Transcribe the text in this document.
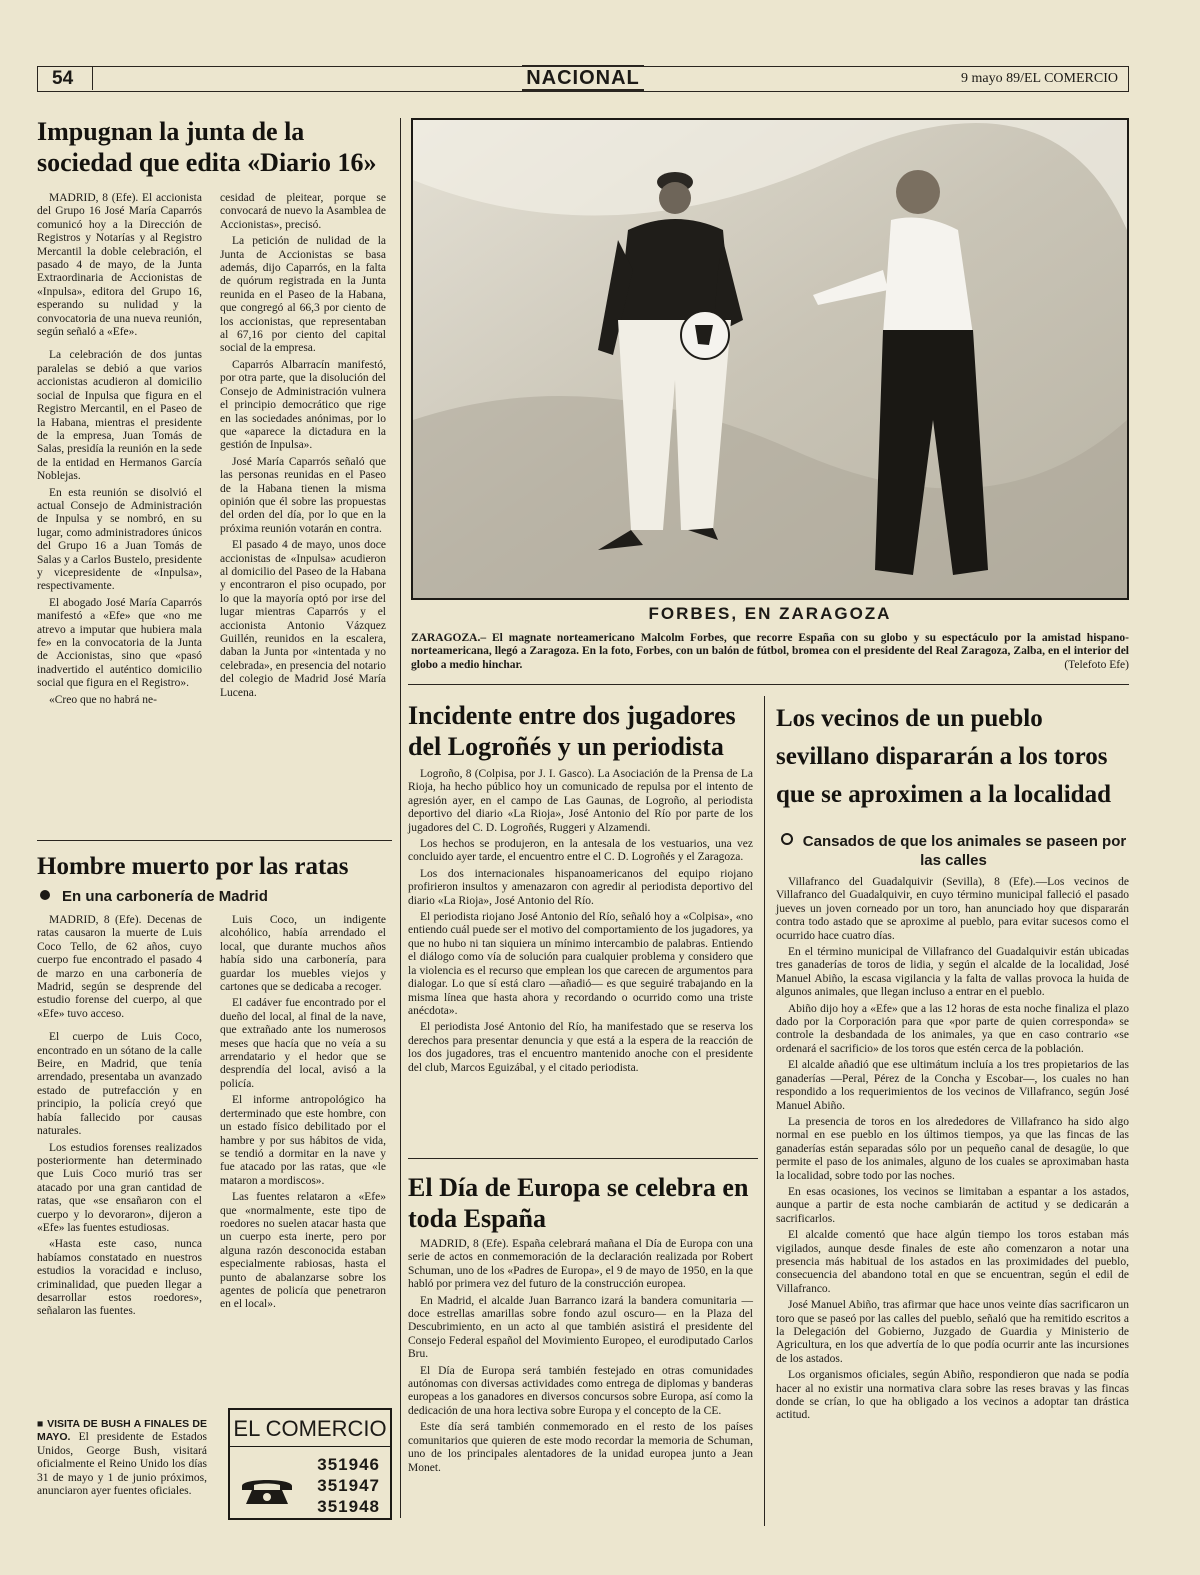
NACIONAL
54	9 mayo 89/EL COMERCIO
Impugnan la junta de la sociedad que edita «Diario 16»

MADRID, 8 (Efe). El accionista del Grupo 16 José María Caparrós comunicó hoy a la Dirección de Registros y Notarías y al Registro Mercantil la doble celebración, el pasado 4 de mayo, de la Junta Extraordinaria de Accionistas de «Inpulsa», editora del Grupo 16, esperando su nulidad y la convocatoria de una nueva reunión, según señaló a «Efe».

La celebración de dos juntas paralelas se debió a que varios accionistas acudieron al domicilio social de Inpulsa que figura en el Registro Mercantil, en el Paseo de la Habana, mientras el presidente de la empresa, Juan Tomás de Salas, presidía la reunión en la sede de la entidad en Hermanos García Noblejas.

En esta reunión se disolvió el actual Consejo de Administración de Inpulsa y se nombró, en su lugar, como administradores únicos del Grupo 16 a Juan Tomás de Salas y a Carlos Bustelo, presidente y vicepresidente de «Inpulsa», respectivamente.

El abogado José María Caparrós manifestó a «Efe» que «no me atrevo a imputar que hubiera mala fe» en la convocatoria de la Junta de Accionistas, sino que «pasó inadvertido el auténtico domicilio social que figura en el Registro».

«Creo que no habrá ne-

cesidad de pleitear, porque se convocará de nuevo la Asamblea de Accionistas», precisó.

La petición de nulidad de la Junta de Accionistas se basa además, dijo Caparrós, en la falta de quórum registrada en la Junta reunida en el Paseo de la Habana, que congregó al 66,3 por ciento de los accionistas, que representaban al 67,16 por ciento del capital social de la empresa.

Caparrós Albarracín manifestó, por otra parte, que la disolución del Consejo de Administración vulnera el principio democrático que rige en las sociedades anónimas, por lo que «aparece la dictadura en la gestión de Inpulsa».

José María Caparrós señaló que las personas reunidas en el Paseo de la Habana tienen la misma opinión que él sobre las propuestas del orden del día, por lo que en la próxima reunión votarán en contra.

El pasado 4 de mayo, unos doce accionistas de «Inpulsa» acudieron al domicilio del Paseo de la Habana y encontraron el piso ocupado, por lo que la mayoría optó por irse del lugar mientras Caparrós y el accionista Antonio Vázquez Guillén, reunidos en la escalera, daban la Junta por «intentada y no celebrada», en presencia del notario del colegio de Madrid José María Lucena.

Hombre muerto por las ratas
En una carbonería de Madrid

MADRID, 8 (Efe). Decenas de ratas causaron la muerte de Luis Coco Tello, de 62 años, cuyo cuerpo fue encontrado el pasado 4 de marzo en una carbonería de Madrid, según se desprende del estudio forense del cuerpo, al que «Efe» tuvo acceso.

El cuerpo de Luis Coco, encontrado en un sótano de la calle Beire, en Madrid, que tenía arrendado, presentaba un avanzado estado de putrefacción y en principio, la policía creyó que había fallecido por causas naturales.

Los estudios forenses realizados posteriormente han determinado que Luis Coco murió tras ser atacado por una gran cantidad de ratas, que «se ensañaron con el cuerpo y lo devoraron», dijeron a «Efe» las fuentes estudiosas.

«Hasta este caso, nunca habíamos constatado en nuestros estudios la voracidad e incluso, criminalidad, que pueden llegar a desarrollar estos roedores», señalaron las fuentes.

Luis Coco, un indigente alcohólico, había arrendado el local, que durante muchos años había sido una carbonería, para guardar los muebles viejos y cartones que se dedicaba a recoger.

El cadáver fue encontrado por el dueño del local, al final de la nave, que extrañado ante los numerosos meses que hacía que no veía a su arrendatario y el hedor que se desprendía del local, avisó a la policía.

El informe antropológico ha derterminado que este hombre, con un estado físico debilitado por el hambre y por sus hábitos de vida, se tendió a dormitar en la nave y fue atacado por las ratas, que «le mataron a mordiscos».

Las fuentes relataron a «Efe» que «normalmente, este tipo de roedores no suelen atacar hasta que un cuerpo esta inerte, pero por alguna razón desconocida estaban especialmente rabiosas, hasta el punto de abalanzarse sobre los agentes de policía que penetraron en el local».

■ VISITA DE BUSH A FINALES DE MAYO. El presidente de Estados Unidos, George Bush, visitará oficialmente el Reino Unido los días 31 de mayo y 1 de junio próximos, anunciaron ayer fuentes oficiales.
EL COMERCIO
351946
351947
351948
FORBES, EN ZARAGOZA
ZARAGOZA.– El magnate norteamericano Malcolm Forbes, que recorre España con su globo y su espectáculo por la amistad hispano-norteamericana, llegó a Zaragoza. En la foto, Forbes, con un balón de fútbol, bromea con el presidente del Real Zaragoza, Zalba, en el interior del globo a medio hinchar.	(Telefoto Efe)
Incidente entre dos jugadores del Logroñés y un periodista

Logroño, 8 (Colpisa, por J. I. Gasco). La Asociación de la Prensa de La Rioja, ha hecho público hoy un comunicado de repulsa por el intento de agresión ayer, en el campo de Las Gaunas, de Logroño, al periodista deportivo del diario «La Rioja», José Antonio del Río por parte de los jugadores del C. D. Logroñés, Ruggeri y Alzamendi.

Los hechos se produjeron, en la antesala de los vestuarios, una vez concluido ayer tarde, el encuentro entre el C. D. Logroñés y el Zaragoza.

Los dos internacionales hispanoamericanos del equipo riojano profirieron insultos y amenazaron con agredir al periodista deportivo del diario «La Rioja», José Antonio del Río.

El periodista riojano José Antonio del Río, señaló hoy a «Colpisa», «no entiendo cuál puede ser el motivo del comportamiento de los jugadores, ya que no hubo ni tan siquiera un mínimo intercambio de palabras. Entiendo el diálogo como vía de solución para cualquier problema y considero que la violencia es el recurso que emplean los que carecen de argumentos para dialogar. Lo que sí está claro —añadió— es que seguiré trabajando en la misma línea que hasta ahora y recordando o ocurrido como una triste anécdota».

El periodista José Antonio del Río, ha manifestado que se reserva los derechos para presentar denuncia y que está a la espera de la reacción de los dos jugadores, tras el encuentro mantenido anoche con el presidente del club, Marcos Eguizábal, y el citado periodista.

El Día de Europa se celebra en toda España

MADRID, 8 (Efe). España celebrará mañana el Día de Europa con una serie de actos en conmemoración de la declaración realizada por Robert Schuman, uno de los «Padres de Europa», el 9 de mayo de 1950, en la que habló por primera vez del futuro de la construcción europea.

En Madrid, el alcalde Juan Barranco izará la bandera comunitaria —doce estrellas amarillas sobre fondo azul oscuro— en la Plaza del Descubrimiento, en un acto al que también asistirá el presidente del Consejo Federal español del Movimiento Europeo, el eurodiputado Carlos Bru.

El Día de Europa será también festejado en otras comunidades autónomas con diversas actividades como entrega de diplomas y banderas europeas a los ganadores en diversos concursos sobre Europa, así como la dedicación de una hora lectiva sobre Europa y el concepto de la CE.

Este día será también conmemorado en el resto de los países comunitarios que quieren de este modo recordar la memoria de Schuman, uno de los principales alentadores de la unidad europea junto a Jean Monet.

Los vecinos de un pueblo sevillano dispararán a los toros que se aproximen a la localidad
Cansados de que los animales se paseen por las calles

Villafranco del Guadalquivir (Sevilla), 8 (Efe).—Los vecinos de Villafranco del Guadalquivir, en cuyo término municipal falleció el pasado jueves un joven corneado por un toro, han anunciado hoy que dispararán contra todo astado que se aproxime al pueblo, para evitar sucesos como el ocurrido hace cuatro días.

En el término municipal de Villafranco del Guadalquivir están ubicadas tres ganaderías de toros de lidia, y según el alcalde de la localidad, José Manuel Abiño, la escasa vigilancia y la falta de vallas provoca la huida de algunos animales, que llegan incluso a entrar en el pueblo.

Abiño dijo hoy a «Efe» que a las 12 horas de esta noche finaliza el plazo dado por la Corporación para que «por parte de quien corresponda» se controle la desbandada de los animales, ya que en caso contrario «se ordenará el sacrificio» de los toros que estén cerca de la población.

El alcalde añadió que ese ultimátum incluía a los tres propietarios de las ganaderías —Peral, Pérez de la Concha y Escobar—, los cuales no han respondido a los requerimientos de los vecinos de Villafranco, según José Manuel Abiño.

La presencia de toros en los alrededores de Villafranco ha sido algo normal en ese pueblo en los últimos tiempos, ya que las fincas de las ganaderías están separadas sólo por un pequeño canal de desagüe, lo que permite el paso de los animales, alguno de los cuales se aproximaban hasta la localidad, sobre todo por las noches.

En esas ocasiones, los vecinos se limitaban a espantar a los astados, aunque a partir de esta noche cambiarán de actitud y se dedicarán a sacrificarlos.

El alcalde comentó que hace algún tiempo los toros estaban más vigilados, aunque desde finales de este año comenzaron a notar una presencia más habitual de los astados en las proximidades del pueblo, consecuencia del abandono total en que se encuentran, según el edil de Villafranco.

José Manuel Abiño, tras afirmar que hace unos veinte días sacrificaron un toro que se paseó por las calles del pueblo, señaló que ha remitido escritos a la Delegación del Gobierno, Juzgado de Guardia y Ministerio de Agricultura, en los que advertía de lo que podía ocurrir ante las incursiones de los astados.

Los organismos oficiales, según Abiño, respondieron que nada se podía hacer al no existir una normativa clara sobre las reses bravas y las fincas donde se crían, lo que ha obligado a los vecinos a adoptar tan drástica actitud.
